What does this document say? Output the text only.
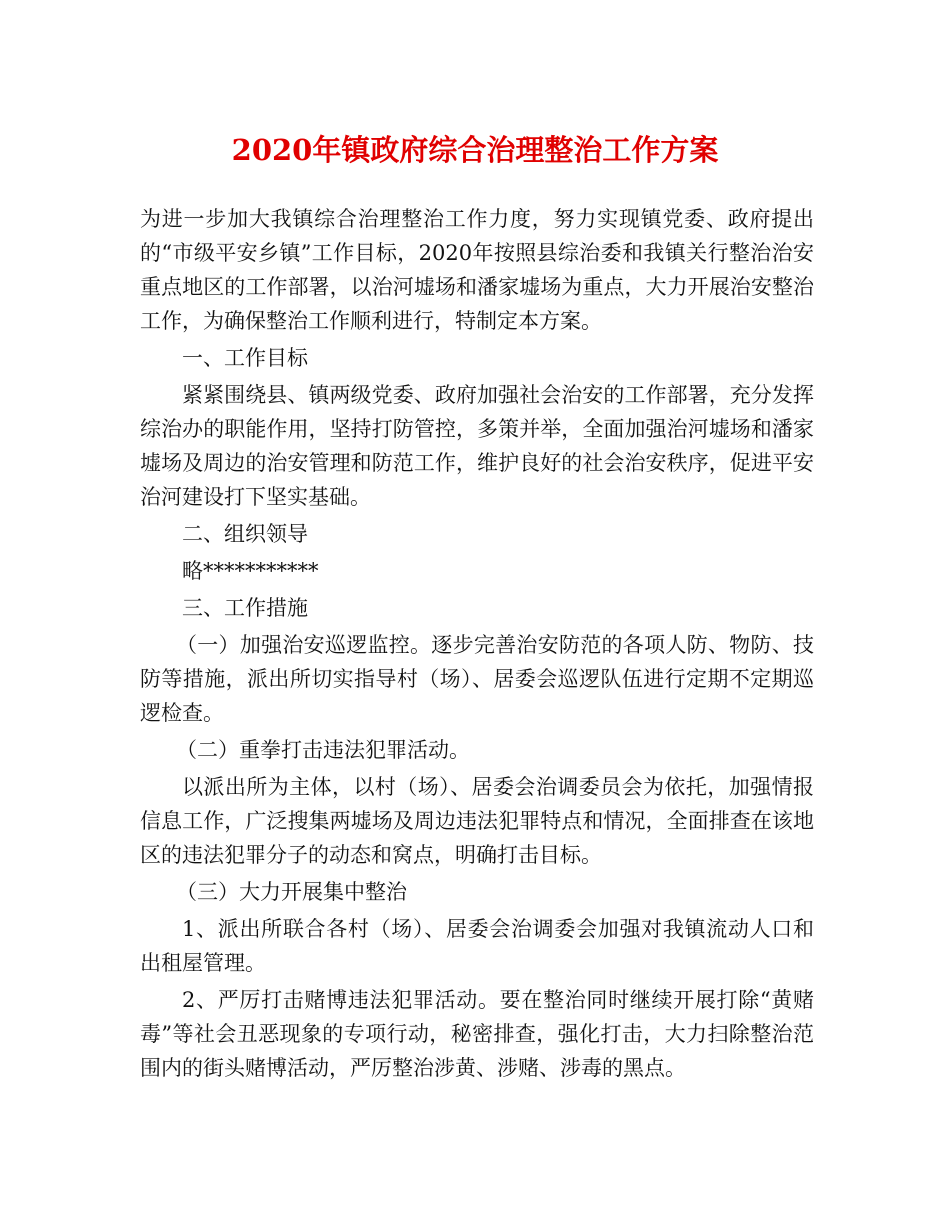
2020年镇政府综合治理整治工作方案

为进一步加大我镇综合治理整治工作力度，努力实现镇党委、政府提出的“市级平安乡镇”工作目标，2020年按照县综治委和我镇关行整治治安重点地区的工作部署，以治河墟场和潘家墟场为重点，大力开展治安整治工作，为确保整治工作顺利进行，特制定本方案。

一、工作目标

紧紧围绕县、镇两级党委、政府加强社会治安的工作部署，充分发挥综治办的职能作用，坚持打防管控，多策并举，全面加强治河墟场和潘家墟场及周边的治安管理和防范工作，维护良好的社会治安秩序，促进平安治河建设打下坚实基础。

二、组织领导

略***********

三、工作措施

（一）加强治安巡逻监控。逐步完善治安防范的各项人防、物防、技防等措施，派出所切实指导村（场）、居委会巡逻队伍进行定期不定期巡逻检查。

（二）重拳打击违法犯罪活动。

以派出所为主体，以村（场）、居委会治调委员会为依托，加强情报信息工作，广泛搜集两墟场及周边违法犯罪特点和情况，全面排查在该地区的违法犯罪分子的动态和窝点，明确打击目标。

（三）大力开展集中整治

1、派出所联合各村（场）、居委会治调委会加强对我镇流动人口和出租屋管理。

2、严厉打击赌博违法犯罪活动。要在整治同时继续开展打除“黄赌毒”等社会丑恶现象的专项行动，秘密排查，强化打击，大力扫除整治范围内的街头赌博活动，严厉整治涉黄、涉赌、涉毒的黑点。
